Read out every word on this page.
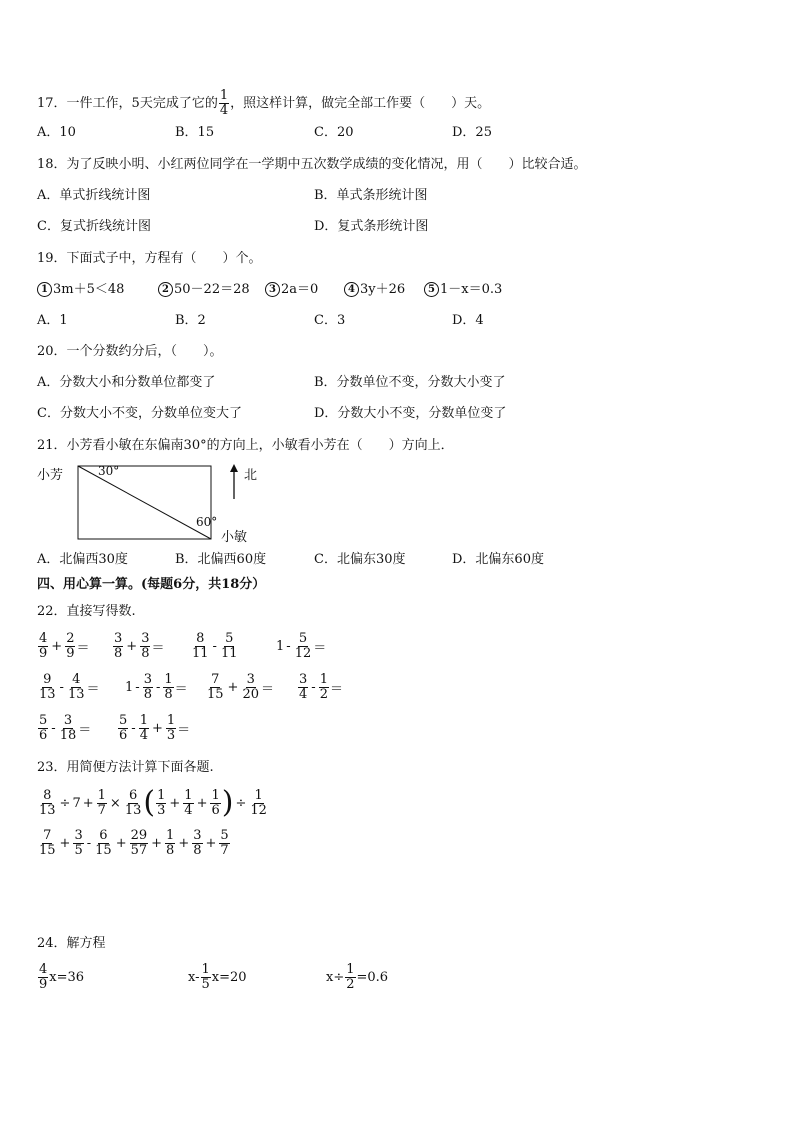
17．一件工作，5天完成了它的 $\frac{1}{4}$ ，照这样计算，做完全部工作要（　　）天。
A．10	B．15	C．20	D．25
18．为了反映小明、小红两位同学在一学期中五次数学成绩的变化情况，用（　　）比较合适。
A．单式折线统计图	B．单式条形统计图
C．复式折线统计图	D．复式条形统计图
19．下面式子中，方程有（　　）个。
1 3m＋5＜48	2 50－22＝28	3 2a＝0	4 3y＋26	5 1－x＝0.3
A．1	B．2	C．3	D．4
20．一个分数约分后，（　　）。
A．分数大小和分数单位都变了	B．分数单位不变，分数大小变了
C．分数大小不变，分数单位变大了	D．分数大小不变，分数单位变了
21．小芳看小敏在东偏南30°的方向上，小敏看小芳在（　　）方向上．
小芳	30°
60°
北
小敏
A．北偏西30度	B．北偏西60度	C．北偏东30度	D．北偏东60度
四、用心算一算。(每题6分，共18分）
22．直接写得数.
$\frac{4}{9} + \frac{2}{9} = \frac{3}{8} + \frac{3}{8} = \frac{8}{11} - \frac{5}{11}$	$1 - \frac{5}{12}$ ＝
$\frac{9}{13} - \frac{4}{13} = 1 - \frac{3}{8} - \frac{1}{8} = \frac{7}{15} + \frac{3}{20} = \frac{3}{4} - \frac{1}{2}$ ＝
$\frac{5}{6} - \frac{3}{18} = \frac{5}{6} - \frac{1}{4} + \frac{1}{3}$ ＝
23．用简便方法计算下面各题.
$\frac{8}{13} \div 7 + \frac{1}{7} \times \frac{6}{13}$ ( $\frac{1}{3} + \frac{1}{4} + \frac{1}{6}$ ) ÷ $\frac{1}{12}$
$\frac{7}{15} + \frac{3}{5} - \frac{6}{15} + \frac{29}{57} + \frac{1}{8} + \frac{3}{8} + \frac{5}{7}$
24．解方程
$\frac{4}{9} x=36$	$x- \frac{1}{5} x=20$	$x\div \frac{1}{2} =0.6$
